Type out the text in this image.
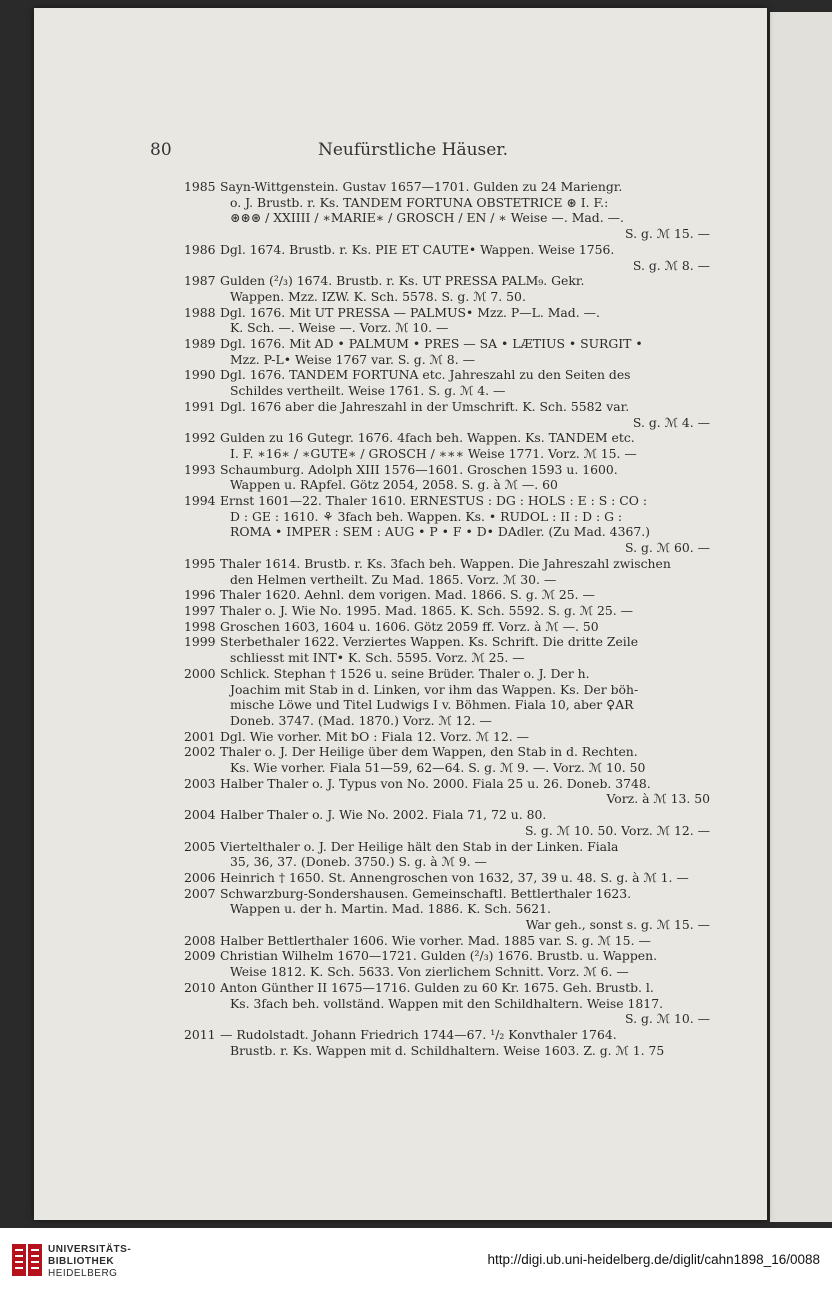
80	Neufürstliche Häuser.
1985 Sayn-Wittgenstein. Gustav 1657—1701. Gulden zu 24 Mariengr.
o. J. Brustb. r. Ks. TANDEM FORTUNA OBSTETRICE ⊛ I. F.:
⊛⊛⊛ / XXIIII / ∗MARIE∗ / GROSCH / EN / ∗ Weise —. Mad. —.
S. g. ℳ 15. —
1986 Dgl. 1674. Brustb. r. Ks. PIE ET CAUTE• Wappen. Weise 1756.
S. g. ℳ 8. —
1987 Gulden (²/₃) 1674. Brustb. r. Ks. UT PRESSA PALM₉. Gekr.
Wappen. Mzz. IZW. K. Sch. 5578. S. g. ℳ 7. 50.
1988 Dgl. 1676. Mit UT PRESSA — PALMUS• Mzz. P—L. Mad. —.
K. Sch. —. Weise —. Vorz. ℳ 10. —
1989 Dgl. 1676. Mit AD • PALMUM • PRES — SA • LÆTIUS • SURGIT •
Mzz. P-L• Weise 1767 var. S. g. ℳ 8. —
1990 Dgl. 1676. TANDEM FORTUNA etc. Jahreszahl zu den Seiten des
Schildes vertheilt. Weise 1761. S. g. ℳ 4. —
1991 Dgl. 1676 aber die Jahreszahl in der Umschrift. K. Sch. 5582 var.
S. g. ℳ 4. —
1992 Gulden zu 16 Gutegr. 1676. 4fach beh. Wappen. Ks. TANDEM etc.
I. F. ∗16∗ / ∗GUTE∗ / GROSCH / ∗∗∗ Weise 1771. Vorz. ℳ 15. —
1993 Schaumburg. Adolph XIII 1576—1601. Groschen 1593 u. 1600.
Wappen u. RApfel. Götz 2054, 2058. S. g. à ℳ —. 60
1994 Ernst 1601—22. Thaler 1610. ERNESTUS : DG : HOLS : E : S : CO :
D : GE : 1610. ⚘ 3fach beh. Wappen. Ks. • RUDOL : II : D : G :
ROMA • IMPER : SEM : AUG • P • F • D• DAdler. (Zu Mad. 4367.)
S. g. ℳ 60. —
1995 Thaler 1614. Brustb. r. Ks. 3fach beh. Wappen. Die Jahreszahl zwischen
den Helmen vertheilt. Zu Mad. 1865. Vorz. ℳ 30. —
1996 Thaler 1620. Aehnl. dem vorigen. Mad. 1866. S. g. ℳ 25. —
1997 Thaler o. J. Wie No. 1995. Mad. 1865. K. Sch. 5592. S. g. ℳ 25. —
1998 Groschen 1603, 1604 u. 1606. Götz 2059 ff. Vorz. à ℳ —. 50
1999 Sterbethaler 1622. Verziertes Wappen. Ks. Schrift. Die dritte Zeile
schliesst mit INT• K. Sch. 5595. Vorz. ℳ 25. —
2000 Schlick. Stephan † 1526 u. seine Brüder. Thaler o. J. Der h.
Joachim mit Stab in d. Linken, vor ihm das Wappen. Ks. Der böh-
mische Löwe und Titel Ludwigs I v. Böhmen. Fiala 10, aber ♀AR
Doneb. 3747. (Mad. 1870.) Vorz. ℳ 12. —
2001 Dgl. Wie vorher. Mit ƀO : Fiala 12. Vorz. ℳ 12. —
2002 Thaler o. J. Der Heilige über dem Wappen, den Stab in d. Rechten.
Ks. Wie vorher. Fiala 51—59, 62—64. S. g. ℳ 9. —. Vorz. ℳ 10. 50
2003 Halber Thaler o. J. Typus von No. 2000. Fiala 25 u. 26. Doneb. 3748.
Vorz. à ℳ 13. 50
2004 Halber Thaler o. J. Wie No. 2002. Fiala 71, 72 u. 80.
S. g. ℳ 10. 50. Vorz. ℳ 12. —
2005 Viertelthaler o. J. Der Heilige hält den Stab in der Linken. Fiala
35, 36, 37. (Doneb. 3750.) S. g. à ℳ 9. —
2006 Heinrich † 1650. St. Annengroschen von 1632, 37, 39 u. 48. S. g. à ℳ 1. —
2007 Schwarzburg-Sondershausen. Gemeinschaftl. Bettlerthaler 1623.
Wappen u. der h. Martin. Mad. 1886. K. Sch. 5621.
War geh., sonst s. g. ℳ 15. —
2008 Halber Bettlerthaler 1606. Wie vorher. Mad. 1885 var. S. g. ℳ 15. —
2009 Christian Wilhelm 1670—1721. Gulden (²/₃) 1676. Brustb. u. Wappen.
Weise 1812. K. Sch. 5633. Von zierlichem Schnitt. Vorz. ℳ 6. —
2010 Anton Günther II 1675—1716. Gulden zu 60 Kr. 1675. Geh. Brustb. l.
Ks. 3fach beh. vollständ. Wappen mit den Schildhaltern. Weise 1817.
S. g. ℳ 10. —
2011 — Rudolstadt. Johann Friedrich 1744—67. ¹/₂ Konvthaler 1764.
Brustb. r. Ks. Wappen mit d. Schildhaltern. Weise 1603. Z. g. ℳ 1. 75
UNIVERSITÄTS-
BIBLIOTHEK
HEIDELBERG
http://digi.ub.uni-heidelberg.de/diglit/cahn1898_16/0088
